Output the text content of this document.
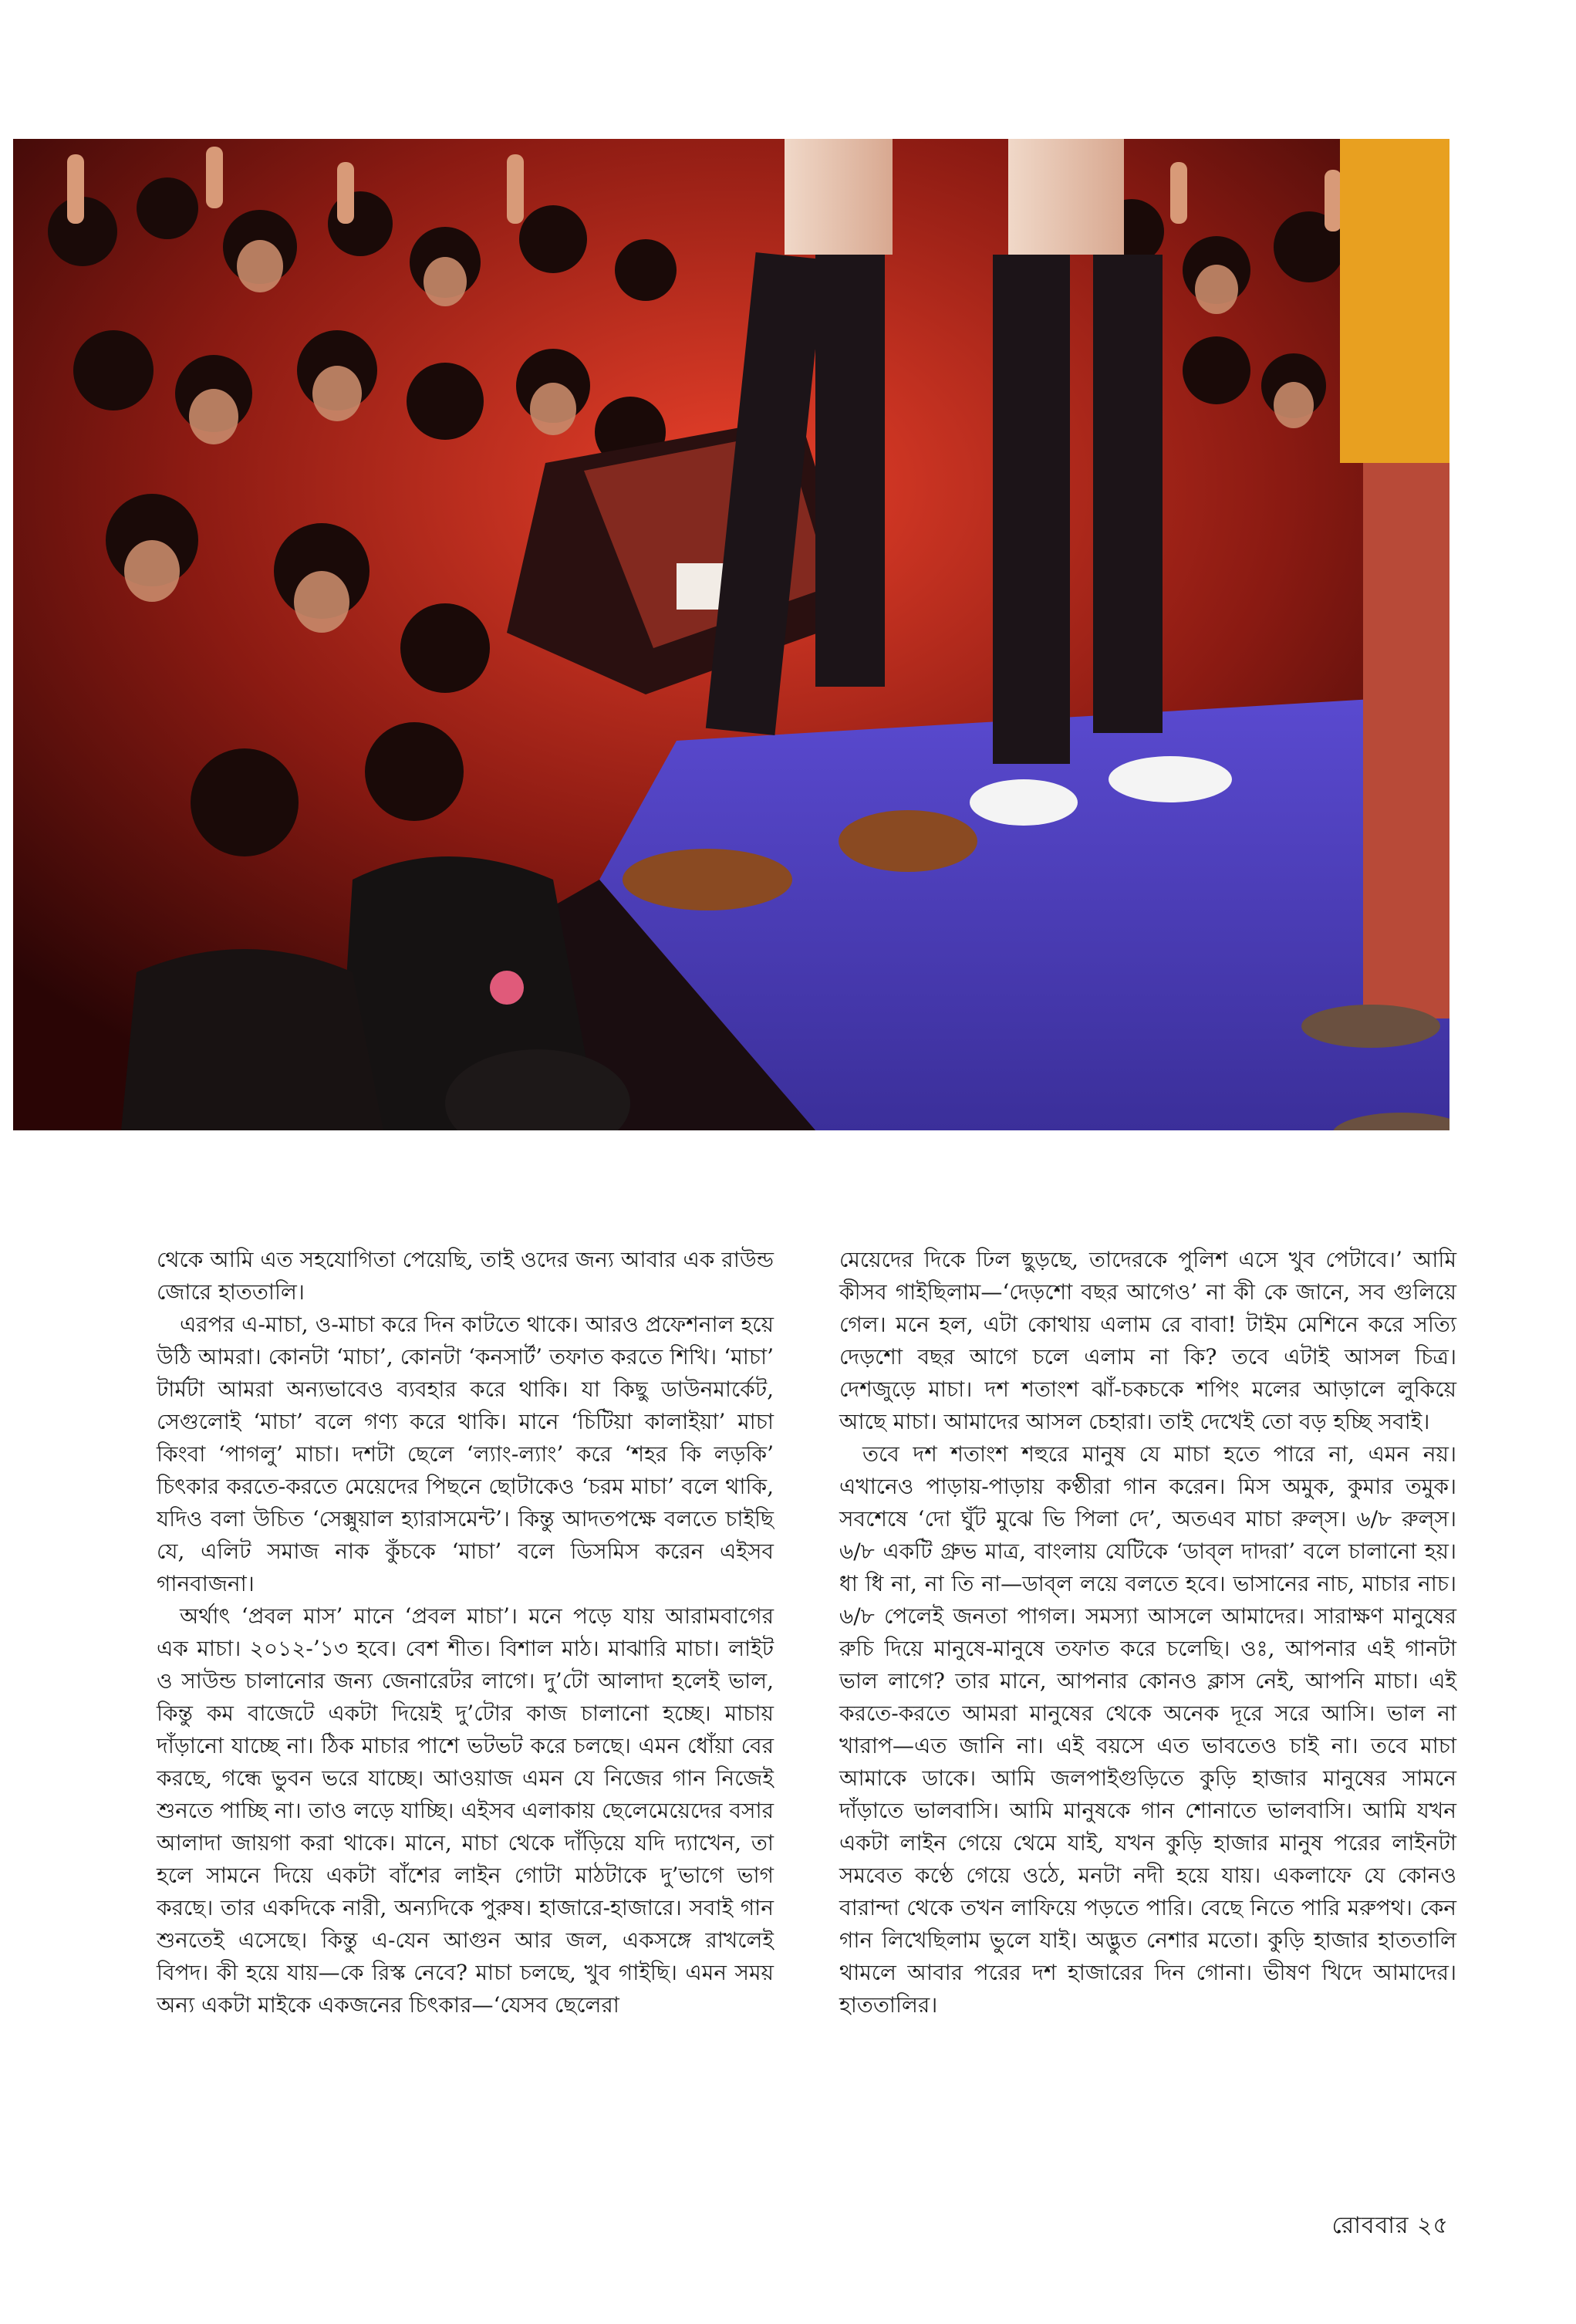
থেকে আমি এত সহযোগিতা পেয়েছি, তাই ওদের জন্য আবার এক রাউন্ড জোরে হাততালি।

এরপর এ-মাচা, ও-মাচা করে দিন কাটতে থাকে। আরও প্রফেশনাল হয়ে উঠি আমরা। কোনটা ‘মাচা’, কোনটা ‘কনসার্ট’ তফাত করতে শিখি। ‘মাচা’ টার্মটা আমরা অন্যভাবেও ব্যবহার করে থাকি। যা কিছু ডাউনমার্কেট, সেগুলোই ‘মাচা’ বলে গণ্য করে থাকি। মানে ‘চিটিয়া কালাইয়া’ মাচা কিংবা ‘পাগলু’ মাচা। দশটা ছেলে ‘ল্যাং-ল্যাং’ করে ‘শহর কি লড়কি’ চিৎকার করতে-করতে মেয়েদের পিছনে ছোটাকেও ‘চরম মাচা’ বলে থাকি, যদিও বলা উচিত ‘সেক্সুয়াল হ্যারাসমেন্ট’। কিন্তু আদতপক্ষে বলতে চাইছি যে, এলিট সমাজ নাক কুঁচকে ‘মাচা’ বলে ডিসমিস করেন এইসব গানবাজনা।

অর্থাৎ ‘প্রবল মাস’ মানে ‘প্রবল মাচা’। মনে পড়ে যায় আরামবাগের এক মাচা। ২০১২-’১৩ হবে। বেশ শীত। বিশাল মাঠ। মাঝারি মাচা। লাইট ও সাউন্ড চালানোর জন্য জেনারেটর লাগে। দু’টো আলাদা হলেই ভাল, কিন্তু কম বাজেটে একটা দিয়েই দু’টোর কাজ চালানো হচ্ছে। মাচায় দাঁড়ানো যাচ্ছে না। ঠিক মাচার পাশে ভটভট করে চলছে। এমন ধোঁয়া বের করছে, গন্ধে ভুবন ভরে যাচ্ছে। আওয়াজ এমন যে নিজের গান নিজেই শুনতে পাচ্ছি না। তাও লড়ে যাচ্ছি। এইসব এলাকায় ছেলেমেয়েদের বসার আলাদা জায়গা করা থাকে। মানে, মাচা থেকে দাঁড়িয়ে যদি দ্যাখেন, তা হলে সামনে দিয়ে একটা বাঁশের লাইন গোটা মাঠটাকে দু’ভাগে ভাগ করছে। তার একদিকে নারী, অন্যদিকে পুরুষ। হাজারে-হাজারে। সবাই গান শুনতেই এসেছে। কিন্তু এ-যেন আগুন আর জল, একসঙ্গে রাখলেই বিপদ। কী হয়ে যায়—কে রিস্ক নেবে? মাচা চলছে, খুব গাইছি। এমন সময় অন্য একটা মাইকে একজনের চিৎকার—‘যেসব ছেলেরা

মেয়েদের দিকে ঢিল ছুড়ছে, তাদেরকে পুলিশ এসে খুব পেটাবে।’ আমি কীসব গাইছিলাম—‘দেড়শো বছর আগেও’ না কী কে জানে, সব গুলিয়ে গেল। মনে হল, এটা কোথায় এলাম রে বাবা! টাইম মেশিনে করে সত্যি দেড়শো বছর আগে চলে এলাম না কি? তবে এটাই আসল চিত্র। দেশজুড়ে মাচা। দশ শতাংশ ঝাঁ-চকচকে শপিং মলের আড়ালে লুকিয়ে আছে মাচা। আমাদের আসল চেহারা। তাই দেখেই তো বড় হচ্ছি সবাই।

তবে দশ শতাংশ শহুরে মানুষ যে মাচা হতে পারে না, এমন নয়। এখানেও পাড়ায়-পাড়ায় কণ্ঠীরা গান করেন। মিস অমুক, কুমার তমুক। সবশেষে ‘দো ঘুঁট মুঝে ভি পিলা দে’, অতএব মাচা রুল্‌স। ৬/৮ রুল্‌স। ৬/৮ একটি গ্রুভ মাত্র, বাংলায় যেটিকে ‘ডাব্‌ল দাদরা’ বলে চালানো হয়। ধা ধি না, না তি না—ডাব্‌ল লয়ে বলতে হবে। ভাসানের নাচ, মাচার নাচ। ৬/৮ পেলেই জনতা পাগল। সমস্যা আসলে আমাদের। সারাক্ষণ মানুষের রুচি দিয়ে মানুষে-মানুষে তফাত করে চলেছি। ওঃ, আপনার এই গানটা ভাল লাগে? তার মানে, আপনার কোনও ক্লাস নেই, আপনি মাচা। এই করতে-করতে আমরা মানুষের থেকে অনেক দূরে সরে আসি। ভাল না খারাপ—এত জানি না। এই বয়সে এত ভাবতেও চাই না। তবে মাচা আমাকে ডাকে। আমি জলপাইগুড়িতে কুড়ি হাজার মানুষের সামনে দাঁড়াতে ভালবাসি। আমি মানুষকে গান শোনাতে ভালবাসি। আমি যখন একটা লাইন গেয়ে থেমে যাই, যখন কুড়ি হাজার মানুষ পরের লাইনটা সমবেত কণ্ঠে গেয়ে ওঠে, মনটা নদী হয়ে যায়। একলাফে যে কোনও বারান্দা থেকে তখন লাফিয়ে পড়তে পারি। বেছে নিতে পারি মরুপথ। কেন গান লিখেছিলাম ভুলে যাই। অদ্ভুত নেশার মতো। কুড়ি হাজার হাততালি থামলে আবার পরের দশ হাজারের দিন গোনা। ভীষণ খিদে আমাদের। হাততালির।

রোববার ২৫
